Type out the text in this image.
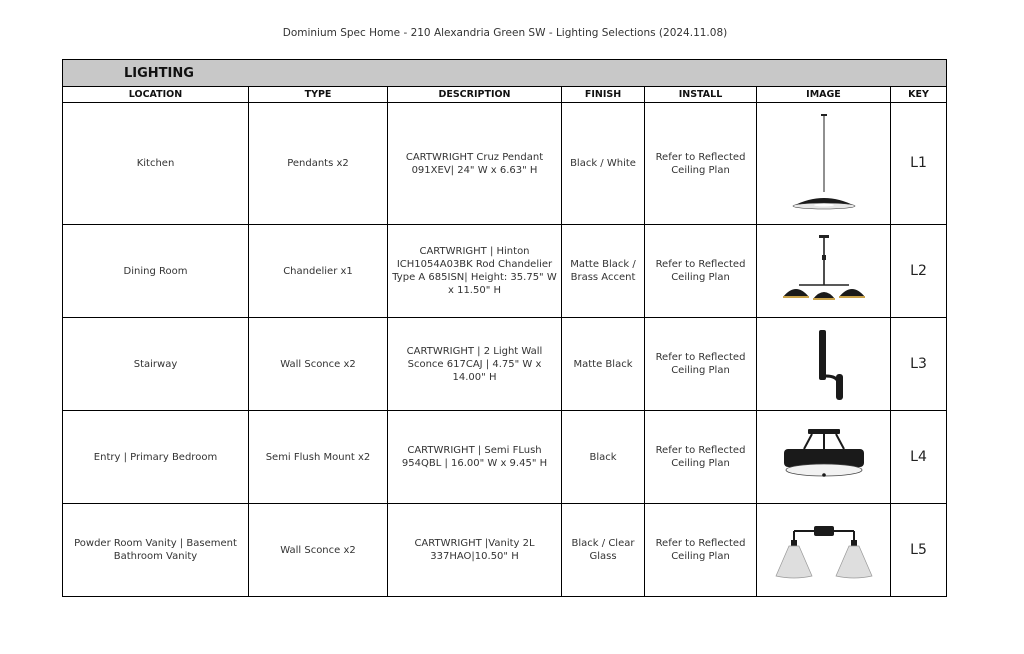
Dominium Spec Home - 210 Alexandria Green SW - Lighting Selections (2024.11.08)
LIGHTING						
LOCATION	TYPE	DESCRIPTION	FINISH	INSTALL	IMAGE	KEY
Kitchen	Pendants x2	CARTWRIGHT Cruz Pendant 091XEV| 24" W x 6.63" H	Black / White	Refer to Reflected Ceiling Plan		L1
Dining Room	Chandelier x1	CARTWRIGHT | Hinton ICH1054A03BK Rod Chandelier Type A 685ISN| Height: 35.75" W x 11.50" H	Matte Black / Brass Accent	Refer to Reflected Ceiling Plan		L2
Stairway	Wall Sconce x2	CARTWRIGHT | 2 Light Wall Sconce 617CAJ | 4.75" W x 14.00" H	Matte Black	Refer to Reflected Ceiling Plan		L3
Entry | Primary Bedroom	Semi Flush Mount x2	CARTWRIGHT | Semi FLush 954QBL | 16.00" W x 9.45" H	Black	Refer to Reflected Ceiling Plan		L4

Powder Room Vanity | Basement Bathroom Vanity	Wall Sconce x2	CARTWRIGHT |Vanity 2L 337HAO|10.50" H	Black / Clear Glass	Refer to Reflected Ceiling Plan		L5
